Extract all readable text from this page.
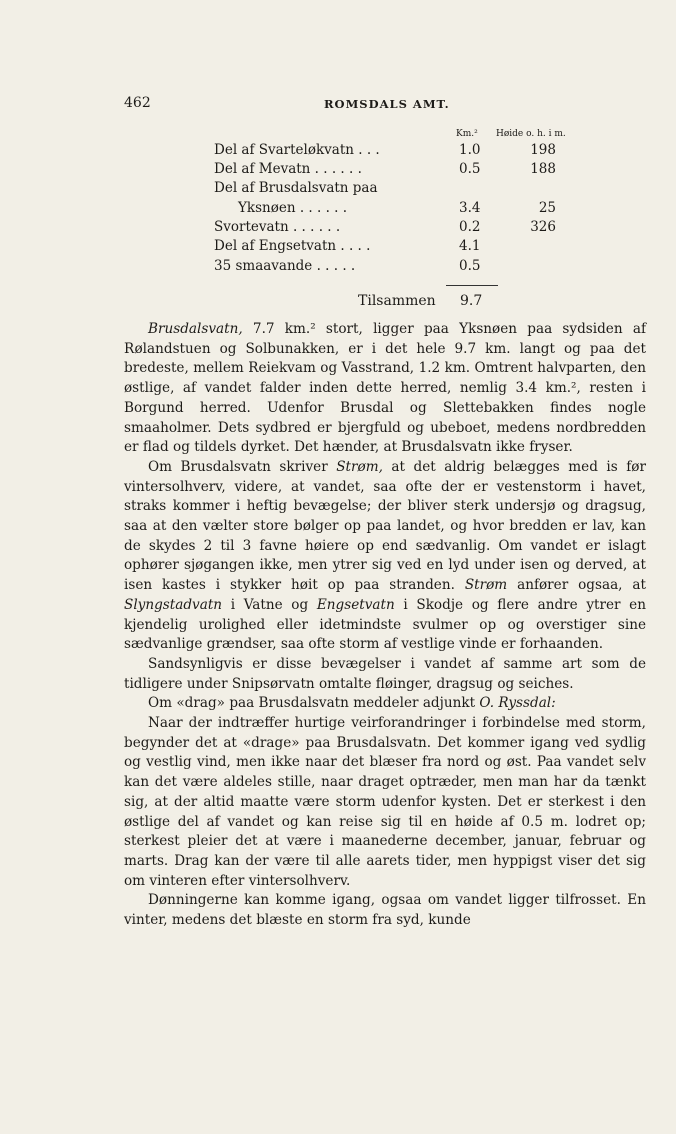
462	ROMSDALS AMT.
Km.² Høide o. h. i m.
Del af Svarteløkvatn . . .	1.0	198
Del af Mevatn . . . . . .	0.5	188
Del af Brusdalsvatn paa
Yksnøen . . . . . .	3.4	25
Svortevatn . . . . . .	0.2	326
Del af Engsetvatn . . . .	4.1
35 smaavande . . . . .	0.5
Tilsammen 9.7

Brusdalsvatn, 7.7 km.² stort, ligger paa Yksnøen paa sydsiden af Rølandstuen og Solbunakken, er i det hele 9.7 km. langt og paa det bredeste, mellem Reiekvam og Vasstrand, 1.2 km. Omtrent halvparten, den østlige, af vandet falder inden dette herred, nemlig 3.4 km.², resten i Borgund herred. Udenfor Brusdal og Slettebakken findes nogle smaaholmer. Dets sydbred er bjergfuld og ubeboet, medens nordbredden er flad og tildels dyrket. Det hænder, at Brusdalsvatn ikke fryser.

Om Brusdalsvatn skriver Strøm, at det aldrig belægges med is før vintersolhverv, videre, at vandet, saa ofte der er vestenstorm i havet, straks kommer i heftig bevægelse; der bliver sterk undersjø og dragsug, saa at den vælter store bølger op paa landet, og hvor bredden er lav, kan de skydes 2 til 3 favne høiere op end sædvanlig. Om vandet er islagt ophører sjøgangen ikke, men ytrer sig ved en lyd under isen og derved, at isen kastes i stykker høit op paa stranden. Strøm anfører ogsaa, at Slyngstadvatn i Vatne og Engsetvatn i Skodje og flere andre ytrer en kjendelig urolighed eller idetmindste svulmer op og overstiger sine sædvanlige grændser, saa ofte storm af vestlige vinde er forhaanden.

Sandsynligvis er disse bevægelser i vandet af samme art som de tidligere under Snipsørvatn omtalte fløinger, dragsug og seiches.

Om «drag» paa Brusdalsvatn meddeler adjunkt O. Ryssdal:

Naar der indtræffer hurtige veirforandringer i forbindelse med storm, begynder det at «drage» paa Brusdalsvatn. Det kommer igang ved sydlig og vestlig vind, men ikke naar det blæser fra nord og øst. Paa vandet selv kan det være aldeles stille, naar draget optræder, men man har da tænkt sig, at der altid maatte være storm udenfor kysten. Det er sterkest i den østlige del af vandet og kan reise sig til en høide af 0.5 m. lodret op; sterkest pleier det at være i maanederne december, januar, februar og marts. Drag kan der være til alle aarets tider, men hyppigst viser det sig om vinteren efter vintersolhverv.

Dønningerne kan komme igang, ogsaa om vandet ligger tilfrosset. En vinter, medens det blæste en storm fra syd, kunde
